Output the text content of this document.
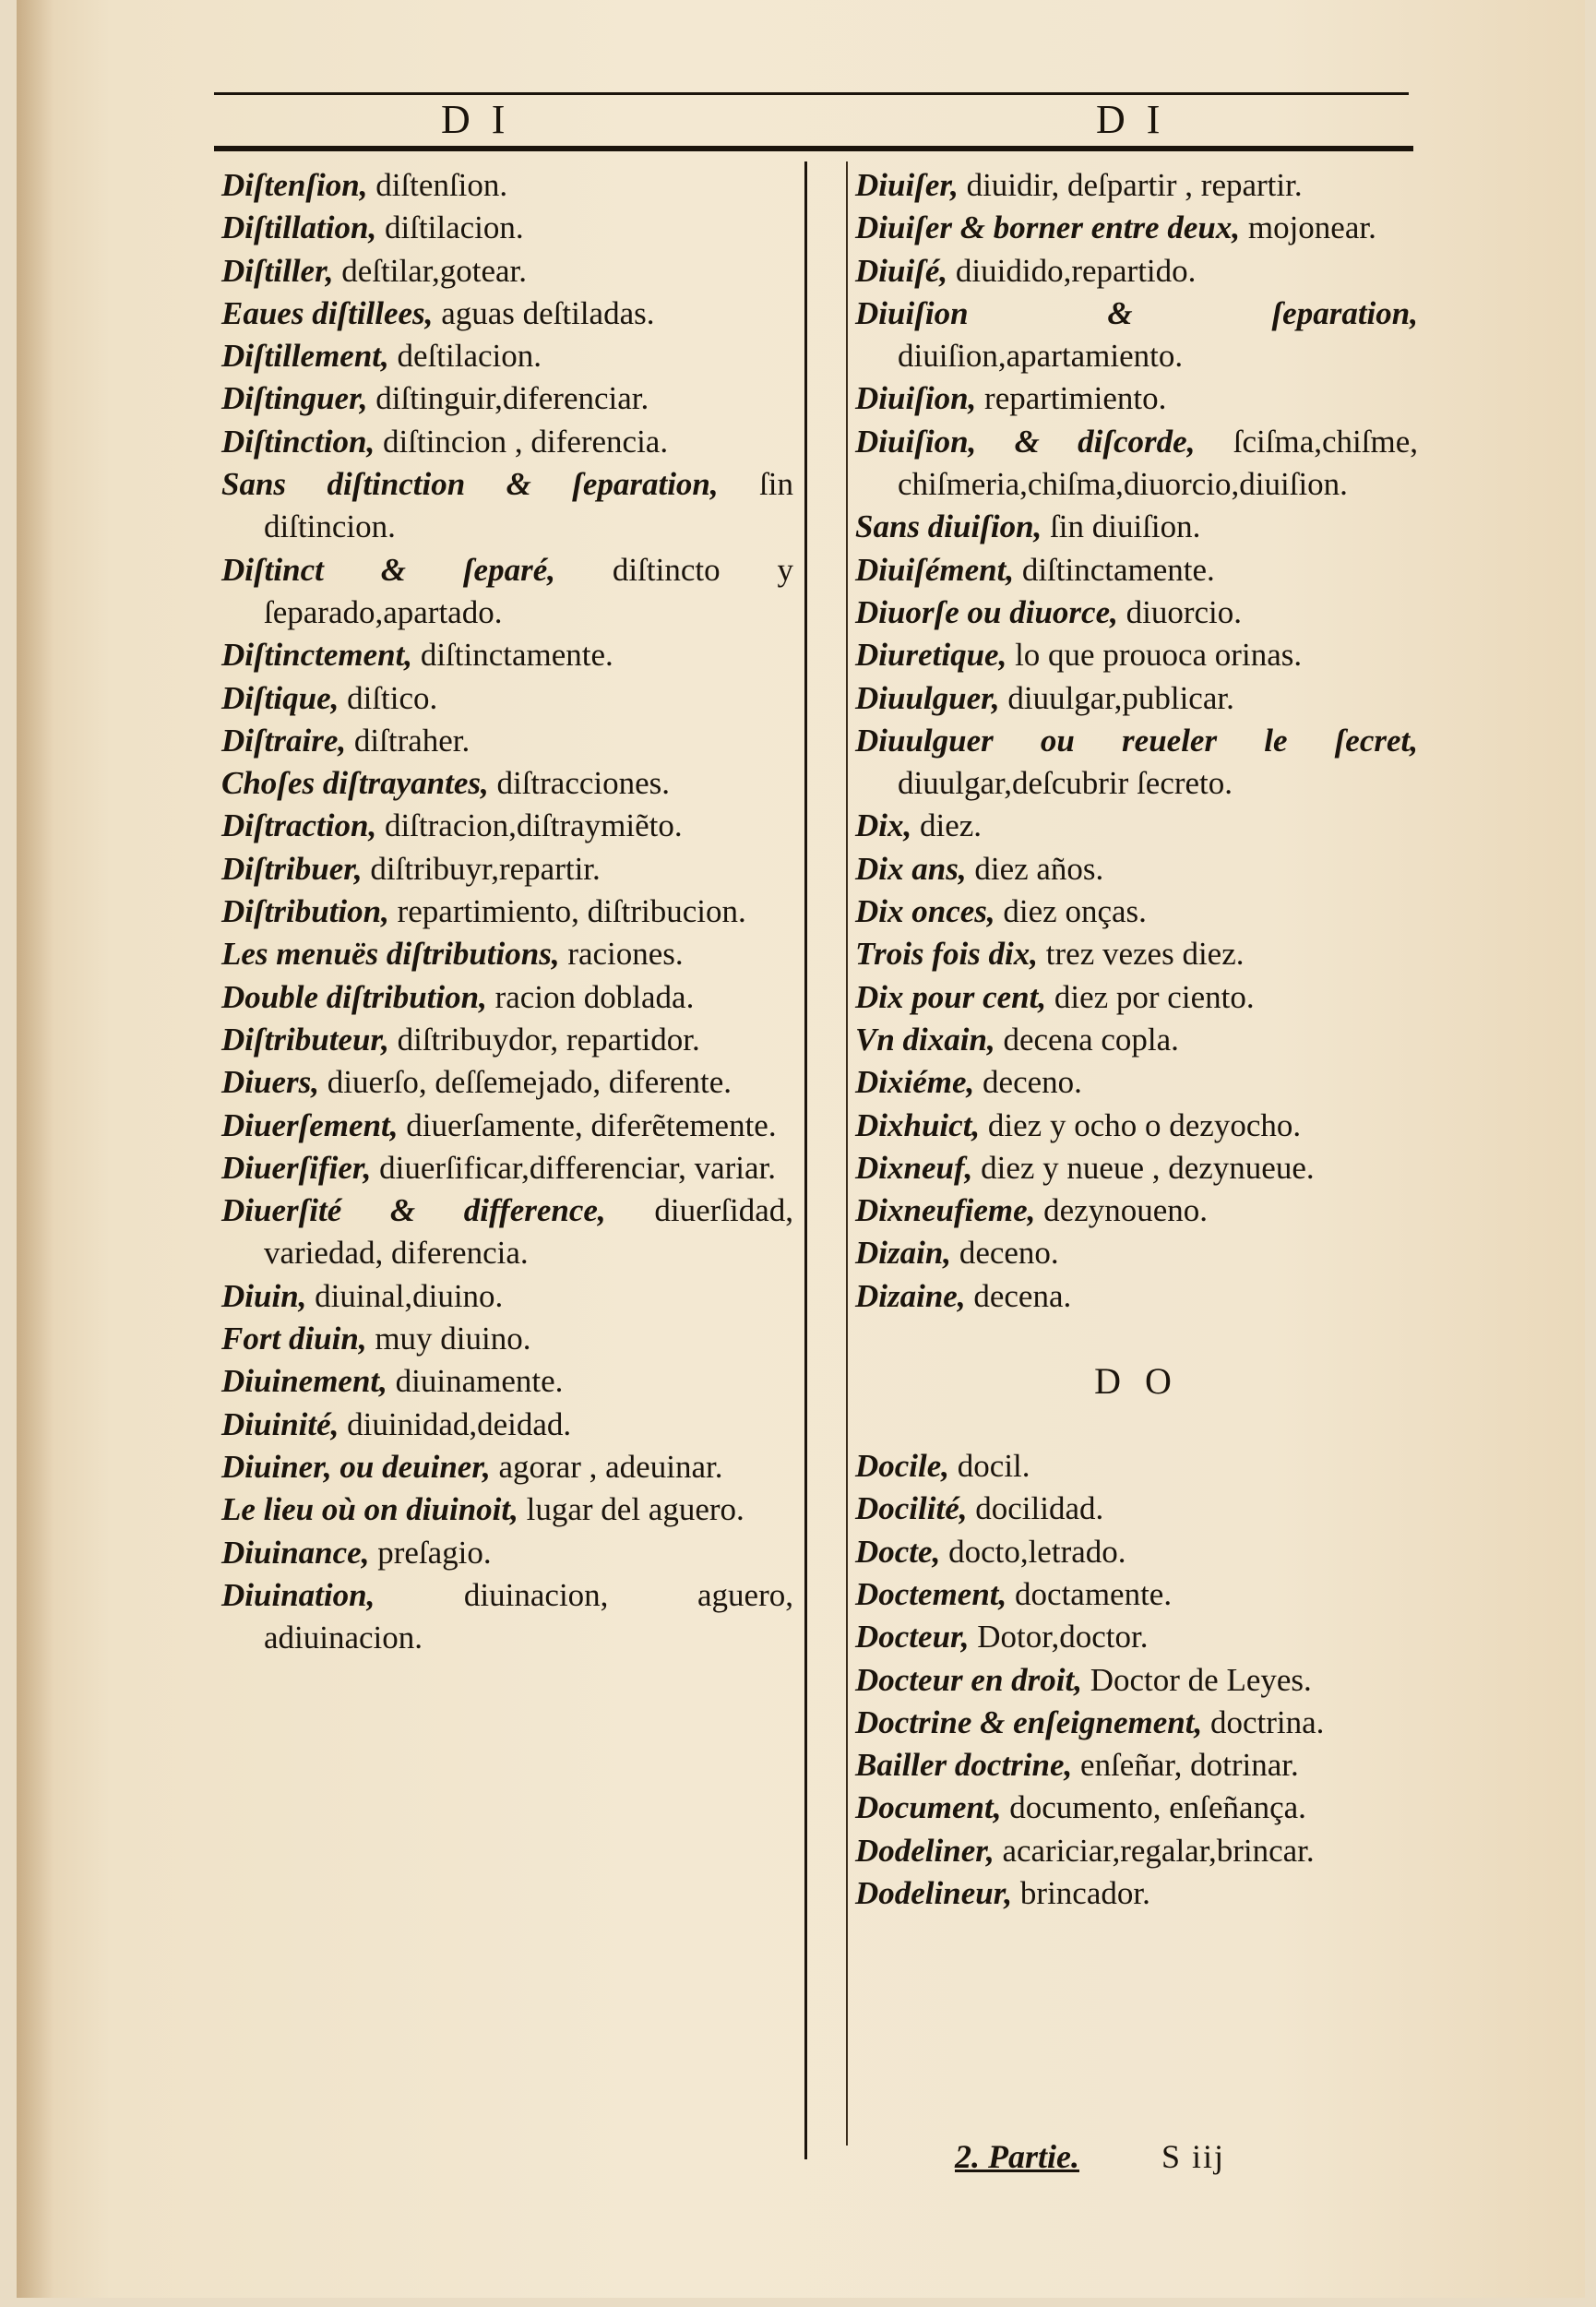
D I	D I

Diſtenſion, diſtenſion.

Diſtillation, diſtilacion.

Diſtiller, deſtilar,gotear.

Eaues diſtillees, aguas deſtiladas.

Diſtillement, deſtilacion.

Diſtinguer, diſtinguir,diferenciar.

Diſtinction, diſtincion , diferencia.

Sans diſtinction & ſeparation, ſin diſtincion.

Diſtinct & ſeparé, diſtincto y ſeparado,apartado.

Diſtinctement, diſtinctamente.

Diſtique, diſtico.

Diſtraire, diſtraher.

Choſes diſtrayantes, diſtracciones.

Diſtraction, diſtracion,diſtraymiẽto.

Diſtribuer, diſtribuyr,repartir.

Diſtribution, repartimiento, diſtribucion.

Les menuës diſtributions, raciones.

Double diſtribution, racion doblada.

Diſtributeur, diſtribuydor, repartidor.

Diuers, diuerſo, deſſemejado, diferente.

Diuerſement, diuerſamente, diferẽtemente.

Diuerſifier, diuerſificar,differenciar, variar.

Diuerſité & difference, diuerſidad, variedad, diferencia.

Diuin, diuinal,diuino.

Fort diuin, muy diuino.

Diuinement, diuinamente.

Diuinité, diuinidad,deidad.

Diuiner, ou deuiner, agorar , adeuinar.

Le lieu où on diuinoit, lugar del aguero.

Diuinance, preſagio.

Diuination, diuinacion, aguero, adiuinacion.

Diuiſer, diuidir, deſpartir , repartir.

Diuiſer & borner entre deux, mojonear.

Diuiſé, diuidido,repartido.

Diuiſion & ſeparation, diuiſion,apartamiento.

Diuiſion, repartimiento.

Diuiſion, & diſcorde, ſciſma,chiſme, chiſmeria,chiſma,diuorcio,diuiſion.

Sans diuiſion, ſin diuiſion.

Diuiſément, diſtinctamente.

Diuorſe ou diuorce, diuorcio.

Diuretique, lo que prouoca orinas.

Diuulguer, diuulgar,publicar.

Diuulguer ou reueler le ſecret, diuulgar,deſcubrir ſecreto.

Dix, diez.

Dix ans, diez años.

Dix onces, diez onças.

Trois fois dix, trez vezes diez.

Dix pour cent, diez por ciento.

Vn dixain, decena copla.

Dixiéme, deceno.

Dixhuict, diez y ocho o dezyocho.

Dixneuf, diez y nueue , dezynueue.

Dixneufieme, dezynoueno.

Dizain, deceno.

Dizaine, decena.

D O

Docile, docil.

Docilité, docilidad.

Docte, docto,letrado.

Doctement, doctamente.

Docteur, Dotor,doctor.

Docteur en droit, Doctor de Leyes.

Doctrine & enſeignement, doctrina.

Bailler doctrine, enſeñar, dotrinar.

Document, documento, enſeñança.

Dodeliner, acariciar,regalar,brincar.

Dodelineur, brincador.

2. Partie. S iij
